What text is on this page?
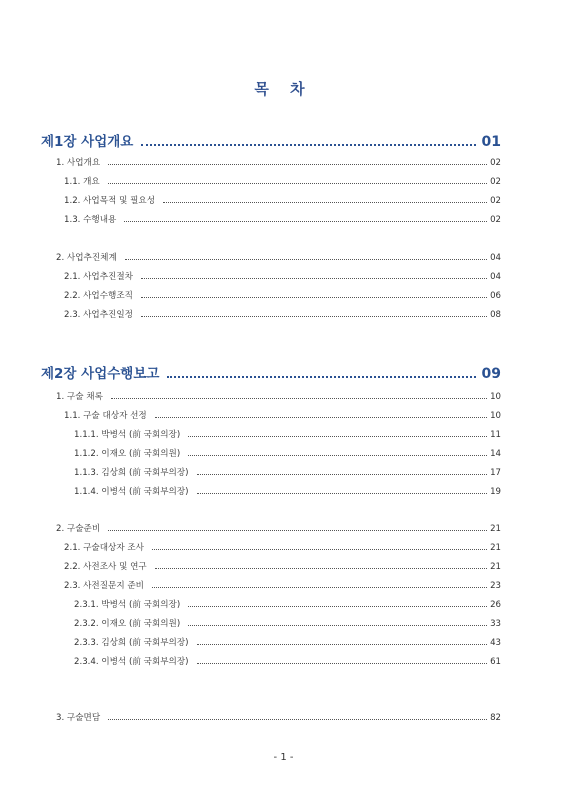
목 차
제1장 사업개요	01
1. 사업개요	02
1.1. 개요	02
1.2. 사업목적 및 필요성	02
1.3. 수행내용	02
2. 사업추진체계	04
2.1. 사업추진절차	04
2.2. 사업수행조직	06
2.3. 사업추진일정	08
제2장 사업수행보고	09
1. 구술 채록	10
1.1. 구술 대상자 선정	10
1.1.1. 박병석 (前 국회의장)	11
1.1.2. 이재오 (前 국회의원)	14
1.1.3. 김상희 (前 국회부의장)	17
1.1.4. 이병석 (前 국회부의장)	19
2. 구술준비	21
2.1. 구술대상자 조사	21
2.2. 사전조사 및 연구	21
2.3. 사전질문지 준비	23
2.3.1. 박병석 (前 국회의장)	26
2.3.2. 이재오 (前 국회의원)	33
2.3.3. 김상희 (前 국회부의장)	43
2.3.4. 이병석 (前 국회부의장)	61
3. 구술면담	82
- 1 -
